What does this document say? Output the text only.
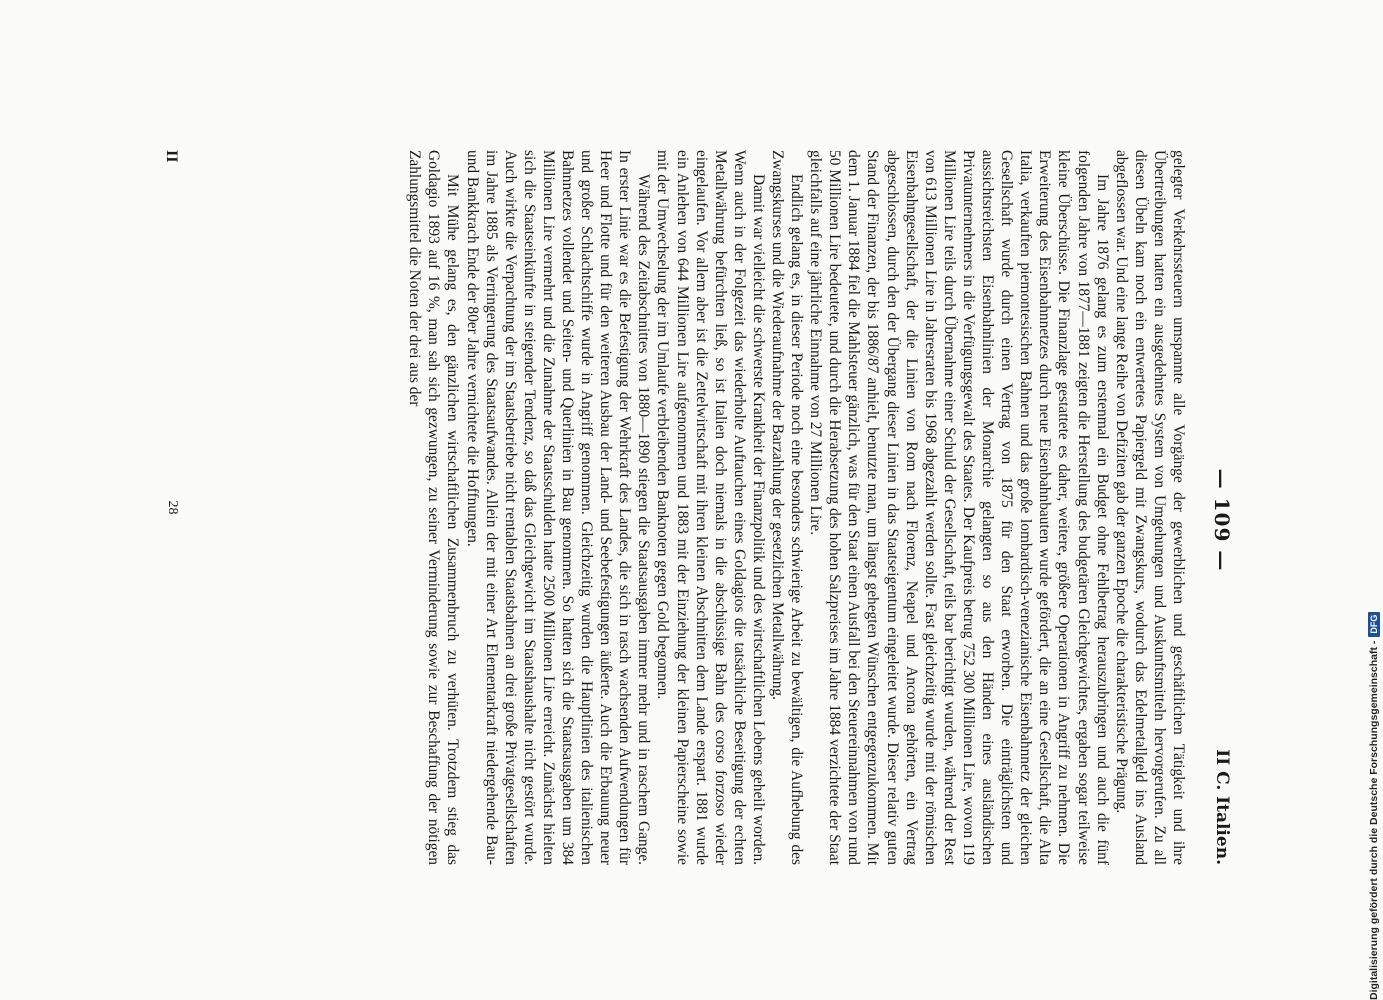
— 109 —
II C. Italien.

gelegter Verkehrssteuern umspannte alle Vorgänge der gewerblichen und geschäftlichen Tätigkeit und ihre Übertreibungen hatten ein ausgedehntes System von Umgehungen und Auskunftsmitteln hervorgerufen. Zu all diesen Übeln kam noch ein entwertetes Papiergeld mit Zwangskurs, wodurch das Edelmetallgeld ins Ausland abgeflossen war. Und eine lange Reihe von Defiziten gab der ganzen Epoche die charakteristische Prägung.

Im Jahre 1876 gelang es zum erstenmal ein Budget ohne Fehlbetrag herauszubringen und auch die fünf folgenden Jahre von 1877—1881 zeigten die Herstellung des budgetären Gleichgewichtes, ergaben sogar teilweise kleine Überschüsse. Die Finanzlage gestattete es daher, weitere, größere Operationen in Angriff zu nehmen. Die Erweiterung des Eisenbahnnetzes durch neue Eisenbahnbauten wurde gefördert, die an eine Gesellschaft, die Alta Italia, verkauften piemontesischen Bahnen und das große lombardisch-venezianische Eisenbahnnetz der gleichen Gesellschaft wurde durch einen Vertrag von 1875 für den Staat erworben. Die einträglichsten und aussichtsreichsten Eisenbahnlinien der Monarchie gelangten so aus den Händen eines ausländischen Privatunternehmers in die Verfügungsgewalt des Staates. Der Kaufpreis betrug 752 300 Millionen Lire, wovon 119 Millionen Lire teils durch Übernahme einer Schuld der Gesellschaft, teils bar berichtigt wurden, während der Rest von 613 Millionen Lire in Jahresraten bis 1968 abgezahlt werden sollte. Fast gleichzeitig wurde mit der römischen Eisenbahngesellschaft, der die Linien von Rom nach Florenz, Neapel und Ancona gehörten, ein Vertrag abgeschlossen, durch den der Übergang dieser Linien in das Staatseigentum eingeleitet wurde. Dieser relativ guten Stand der Finanzen, der bis 1886/87 anhielt, benutzte man, um längst gehegten Wünschen entgegenzukommen. Mit dem 1. Januar 1884 fiel die Mahlsteuer gänzlich, was für den Staat einen Ausfall bei den Steuereinnahmen von rund 50 Millionen Lire bedeutete, und durch die Herabsetzung des hohen Salzpreises im Jahre 1884 verzichtete der Staat gleichfalls auf eine jährliche Einnahme von 27 Millionen Lire.

Endlich gelang es, in dieser Periode noch eine besonders schwierige Arbeit zu bewältigen, die Aufhebung des Zwangskurses und die Wiederaufnahme der Barzahlung der gesetzlichen Metallwährung.

Damit war vielleicht die schwerste Krankheit der Finanzpolitik und des wirtschaftlichen Lebens geheilt worden. Wenn auch in der Folgezeit das wiederholte Auftauchen eines Goldagios die tatsächliche Beseitigung der echten Metallwährung befürchten ließ, so ist Italien doch niemals in die abschüssige Bahn des corso forzoso wieder eingelaufen. Vor allem aber ist die Zettelwirtschaft mit ihren kleinen Abschnitten dem Lande erspart. 1881 wurde ein Anlehen von 644 Millionen Lire aufgenommen und 1883 mit der Einziehung der kleinen Papierscheine sowie mit der Umwechselung der im Umlaufe verbleibenden Banknoten gegen Gold begonnen.

Während des Zeitabschnittes von 1880—1890 stiegen die Staatsausgaben immer mehr und in raschem Gange. In erster Linie war es die Befestigung der Wehrkraft des Landes, die sich in rasch wachsenden Aufwendungen für Heer und Flotte und für den weiteren Ausbau der Land- und Seebefestigungen äußerte. Auch die Erbauung neuer und großer Schlachtschiffe wurde in Angriff genommen. Gleichzeitig wurden die Hauptlinien des italienischen Bahnnetzes vollendet und Seiten- und Querlinien in Bau genommen. So hatten sich die Staatsausgaben um 384 Millionen Lire vermehrt und die Zunahme der Staatsschulden hatte 2500 Millionen Lire erreicht. Zunächst hielten sich die Staatseinkünfte in steigender Tendenz, so daß das Gleichgewicht im Staatshaushalte nicht gestört wurde. Auch wirkte die Verpachtung der im Staatsbetriebe nicht rentablen Staatsbahnen an drei große Privatgesellschaften im Jahre 1885 als Verringerung des Staatsaufwandes. Allein der mit einer Art Elementarkraft niedergehende Bau- und Bankkrach Ende der 80er Jahre vernichtete die Hoffnungen.

Mit Mühe gelang es, den gänzlichen wirtschaftlichen Zusammenbruch zu verhüten. Trotzdem stieg das Goldagio 1893 auf 16 %, man sah sich gezwungen, zu seiner Verminderung sowie zur Beschaffung der nötigen Zahlungsmittel die Noten der drei aus der

II
28
Digitalisierung gefördert durch die Deutsche Forschungsgemeinschaft -
DFG
